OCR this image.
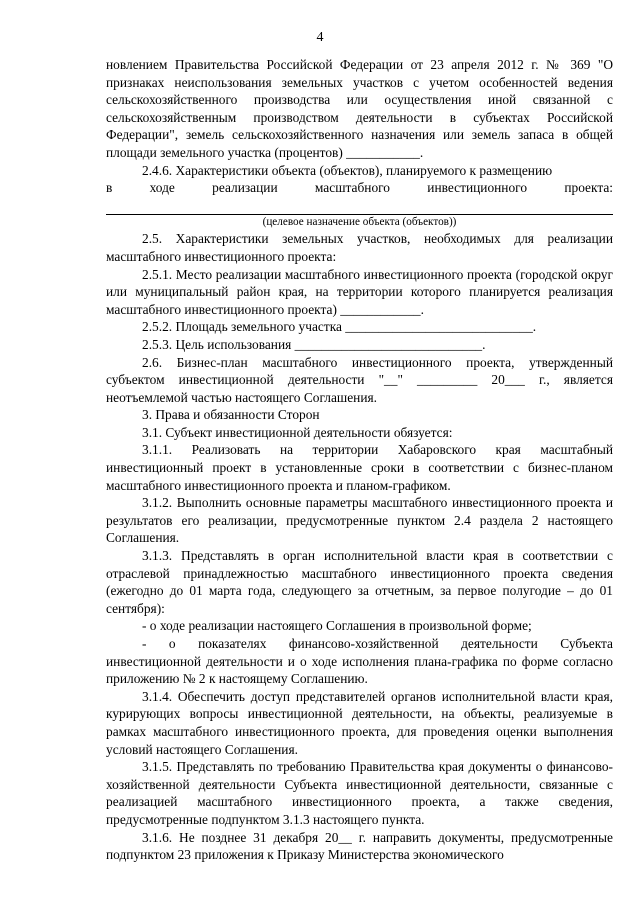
4

новлением Правительства Российской Федерации от 23 апреля 2012 г. № 369 "О признаках неиспользования земельных участков с учетом особенностей ведения сельскохозяйственного производства или осуществления иной связанной с сельскохозяйственным производством деятельности в субъектах Российской Федерации", земель сельскохозяйственного назначения или земель запаса в общей площади земельного участка (процентов) ___________.

2.4.6. Характеристики объекта (объектов), планируемого к размещению

в ходе реализации масштабного инвестиционного проекта:

(целевое назначение объекта (объектов))

2.5. Характеристики земельных участков, необходимых для реализации масштабного инвестиционного проекта:

2.5.1. Место реализации масштабного инвестиционного проекта (городской округ или муниципальный район края, на территории которого планируется реализация масштабного инвестиционного проекта) ____________.

2.5.2. Площадь земельного участка ____________________________.

2.5.3. Цель использования ____________________________.

2.6. Бизнес-план масштабного инвестиционного проекта, утвержденный субъектом инвестиционной деятельности "__" _________ 20___ г., является неотъемлемой частью настоящего Соглашения.

3. Права и обязанности Сторон

3.1. Субъект инвестиционной деятельности обязуется:

3.1.1. Реализовать на территории Хабаровского края масштабный инвестиционный проект в установленные сроки в соответствии с бизнес-планом масштабного инвестиционного проекта и планом-графиком.

3.1.2. Выполнить основные параметры масштабного инвестиционного проекта и результатов его реализации, предусмотренные пунктом 2.4 раздела 2 настоящего Соглашения.

3.1.3. Представлять в орган исполнительной власти края в соответствии с отраслевой принадлежностью масштабного инвестиционного проекта сведения (ежегодно до 01 марта года, следующего за отчетным, за первое полугодие – до 01 сентября):

- о ходе реализации настоящего Соглашения в произвольной форме;

- о показателях финансово-хозяйственной деятельности Субъекта инвестиционной деятельности и о ходе исполнения плана-графика по форме согласно приложению № 2 к настоящему Соглашению.

3.1.4. Обеспечить доступ представителей органов исполнительной власти края, курирующих вопросы инвестиционной деятельности, на объекты, реализуемые в рамках масштабного инвестиционного проекта, для проведения оценки выполнения условий настоящего Соглашения.

3.1.5. Представлять по требованию Правительства края документы о финансово-хозяйственной деятельности Субъекта инвестиционной деятельности, связанные с реализацией масштабного инвестиционного проекта, а также сведения, предусмотренные подпунктом 3.1.3 настоящего пункта.

3.1.6. Не позднее 31 декабря 20__ г. направить документы, предусмотренные подпунктом 23 приложения к Приказу Министерства экономического
